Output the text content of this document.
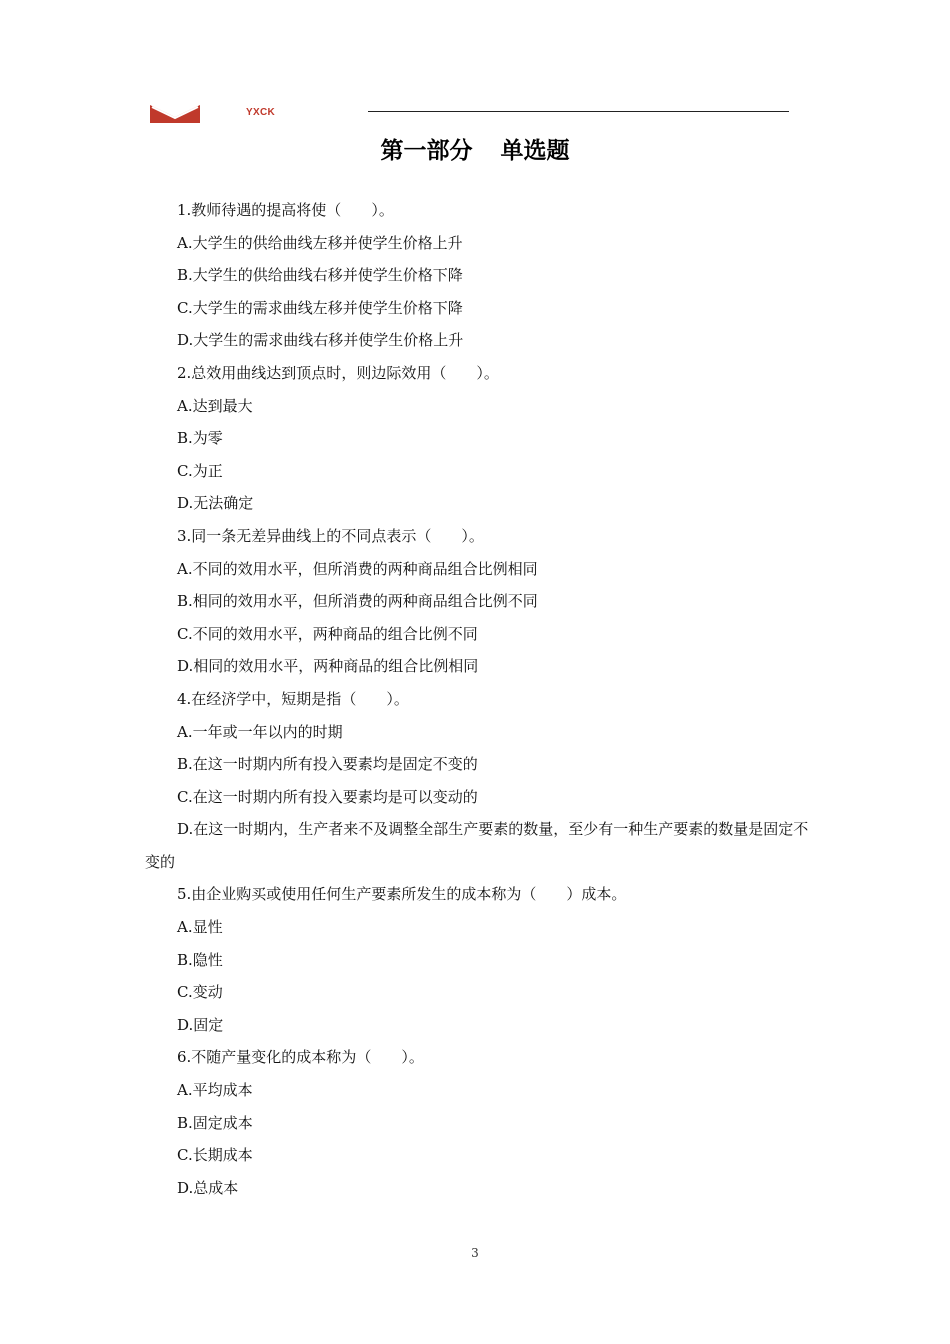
YXCK
第一部分 单选题

1.教师待遇的提高将使（　　）。

A.大学生的供给曲线左移并使学生价格上升

B.大学生的供给曲线右移并使学生价格下降

C.大学生的需求曲线左移并使学生价格下降

D.大学生的需求曲线右移并使学生价格上升

2.总效用曲线达到顶点时，则边际效用（　　）。

A.达到最大

B.为零

C.为正

D.无法确定

3.同一条无差异曲线上的不同点表示（　　）。

A.不同的效用水平，但所消费的两种商品组合比例相同

B.相同的效用水平，但所消费的两种商品组合比例不同

C.不同的效用水平，两种商品的组合比例不同

D.相同的效用水平，两种商品的组合比例相同

4.在经济学中，短期是指（　　）。

A.一年或一年以内的时期

B.在这一时期内所有投入要素均是固定不变的

C.在这一时期内所有投入要素均是可以变动的

D.在这一时期内，生产者来不及调整全部生产要素的数量，至少有一种生产要素的数量是固定不变的

5.由企业购买或使用任何生产要素所发生的成本称为（　　）成本。

A.显性

B.隐性

C.变动

D.固定

6.不随产量变化的成本称为（　　）。

A.平均成本

B.固定成本

C.长期成本

D.总成本

3
